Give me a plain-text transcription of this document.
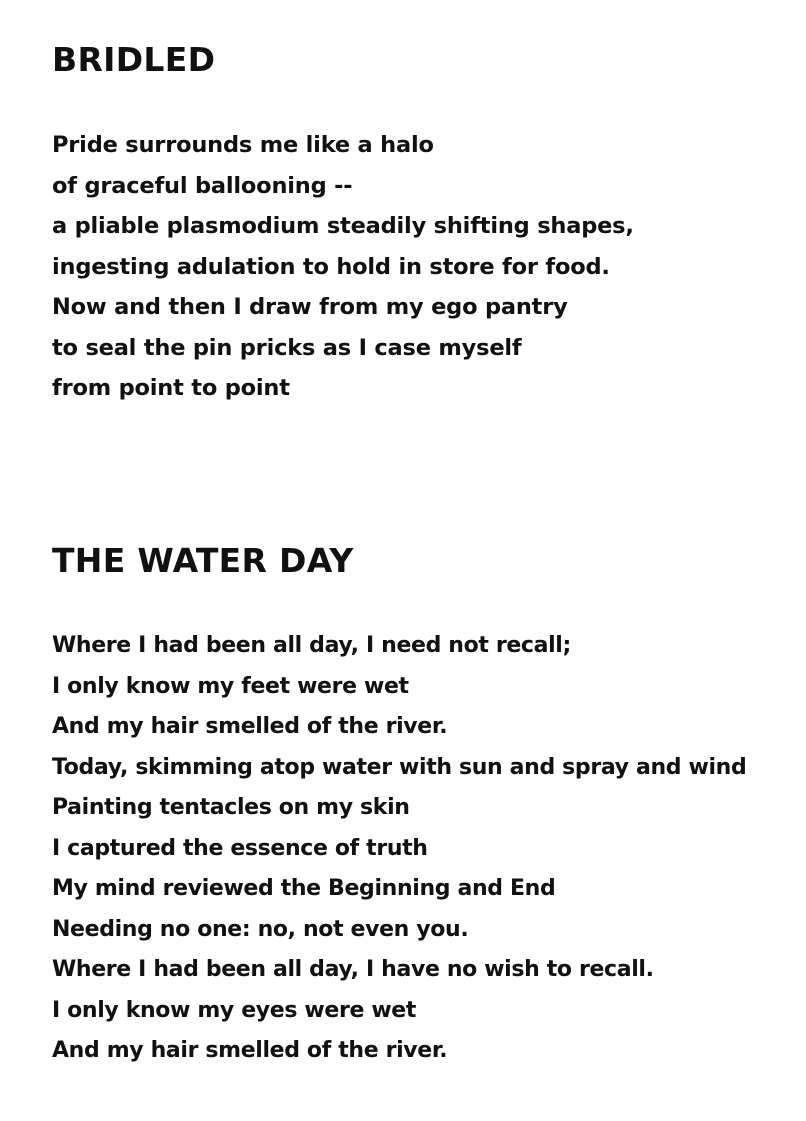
BRIDLED
Pride surrounds me like a halo
of graceful ballooning --
a pliable plasmodium steadily shifting shapes,
ingesting adulation to hold in store for food.
Now and then I draw from my ego pantry
to seal the pin pricks as I case myself
from point to point
THE WATER DAY
Where I had been all day, I need not recall;
I only know my feet were wet
And my hair smelled of the river.
Today, skimming atop water with sun and spray and wind
Painting tentacles on my skin
I captured the essence of truth
My mind reviewed the Beginning and End
Needing no one: no, not even you.
Where I had been all day, I have no wish to recall.
I only know my eyes were wet
And my hair smelled of the river.
